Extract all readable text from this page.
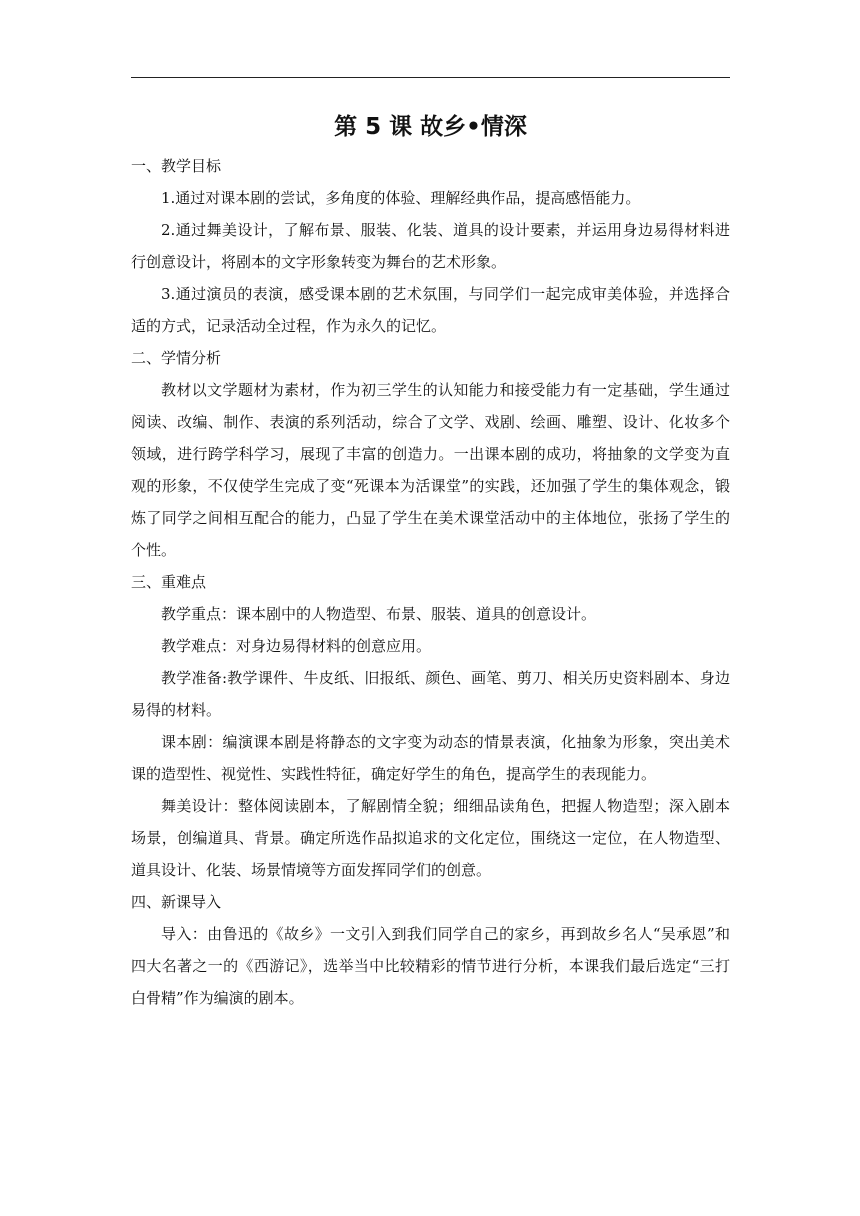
第 5 课 故乡•情深

一、教学目标

1.通过对课本剧的尝试，多角度的体验、理解经典作品，提高感悟能力。

2.通过舞美设计，了解布景、服装、化装、道具的设计要素，并运用身边易得材料进行创意设计，将剧本的文字形象转变为舞台的艺术形象。

3.通过演员的表演，感受课本剧的艺术氛围，与同学们一起完成审美体验，并选择合适的方式，记录活动全过程，作为永久的记忆。

二、学情分析

教材以文学题材为素材，作为初三学生的认知能力和接受能力有一定基础，学生通过阅读、改编、制作、表演的系列活动，综合了文学、戏剧、绘画、雕塑、设计、化妆多个领域，进行跨学科学习，展现了丰富的创造力。一出课本剧的成功，将抽象的文学变为直观的形象，不仅使学生完成了变“死课本为活课堂”的实践，还加强了学生的集体观念，锻炼了同学之间相互配合的能力，凸显了学生在美术课堂活动中的主体地位，张扬了学生的个性。

三、重难点

教学重点：课本剧中的人物造型、布景、服装、道具的创意设计。

教学难点：对身边易得材料的创意应用。

教学准备:教学课件、牛皮纸、旧报纸、颜色、画笔、剪刀、相关历史资料剧本、身边易得的材料。

课本剧：编演课本剧是将静态的文字变为动态的情景表演，化抽象为形象，突出美术课的造型性、视觉性、实践性特征，确定好学生的角色，提高学生的表现能力。

舞美设计：整体阅读剧本，了解剧情全貌；细细品读角色，把握人物造型；深入剧本场景，创编道具、背景。确定所选作品拟追求的文化定位，围绕这一定位，在人物造型、道具设计、化装、场景情境等方面发挥同学们的创意。

四、新课导入

导入：由鲁迅的《故乡》一文引入到我们同学自己的家乡，再到故乡名人“吴承恩”和四大名著之一的《西游记》，选举当中比较精彩的情节进行分析，本课我们最后选定“三打白骨精”作为编演的剧本。
